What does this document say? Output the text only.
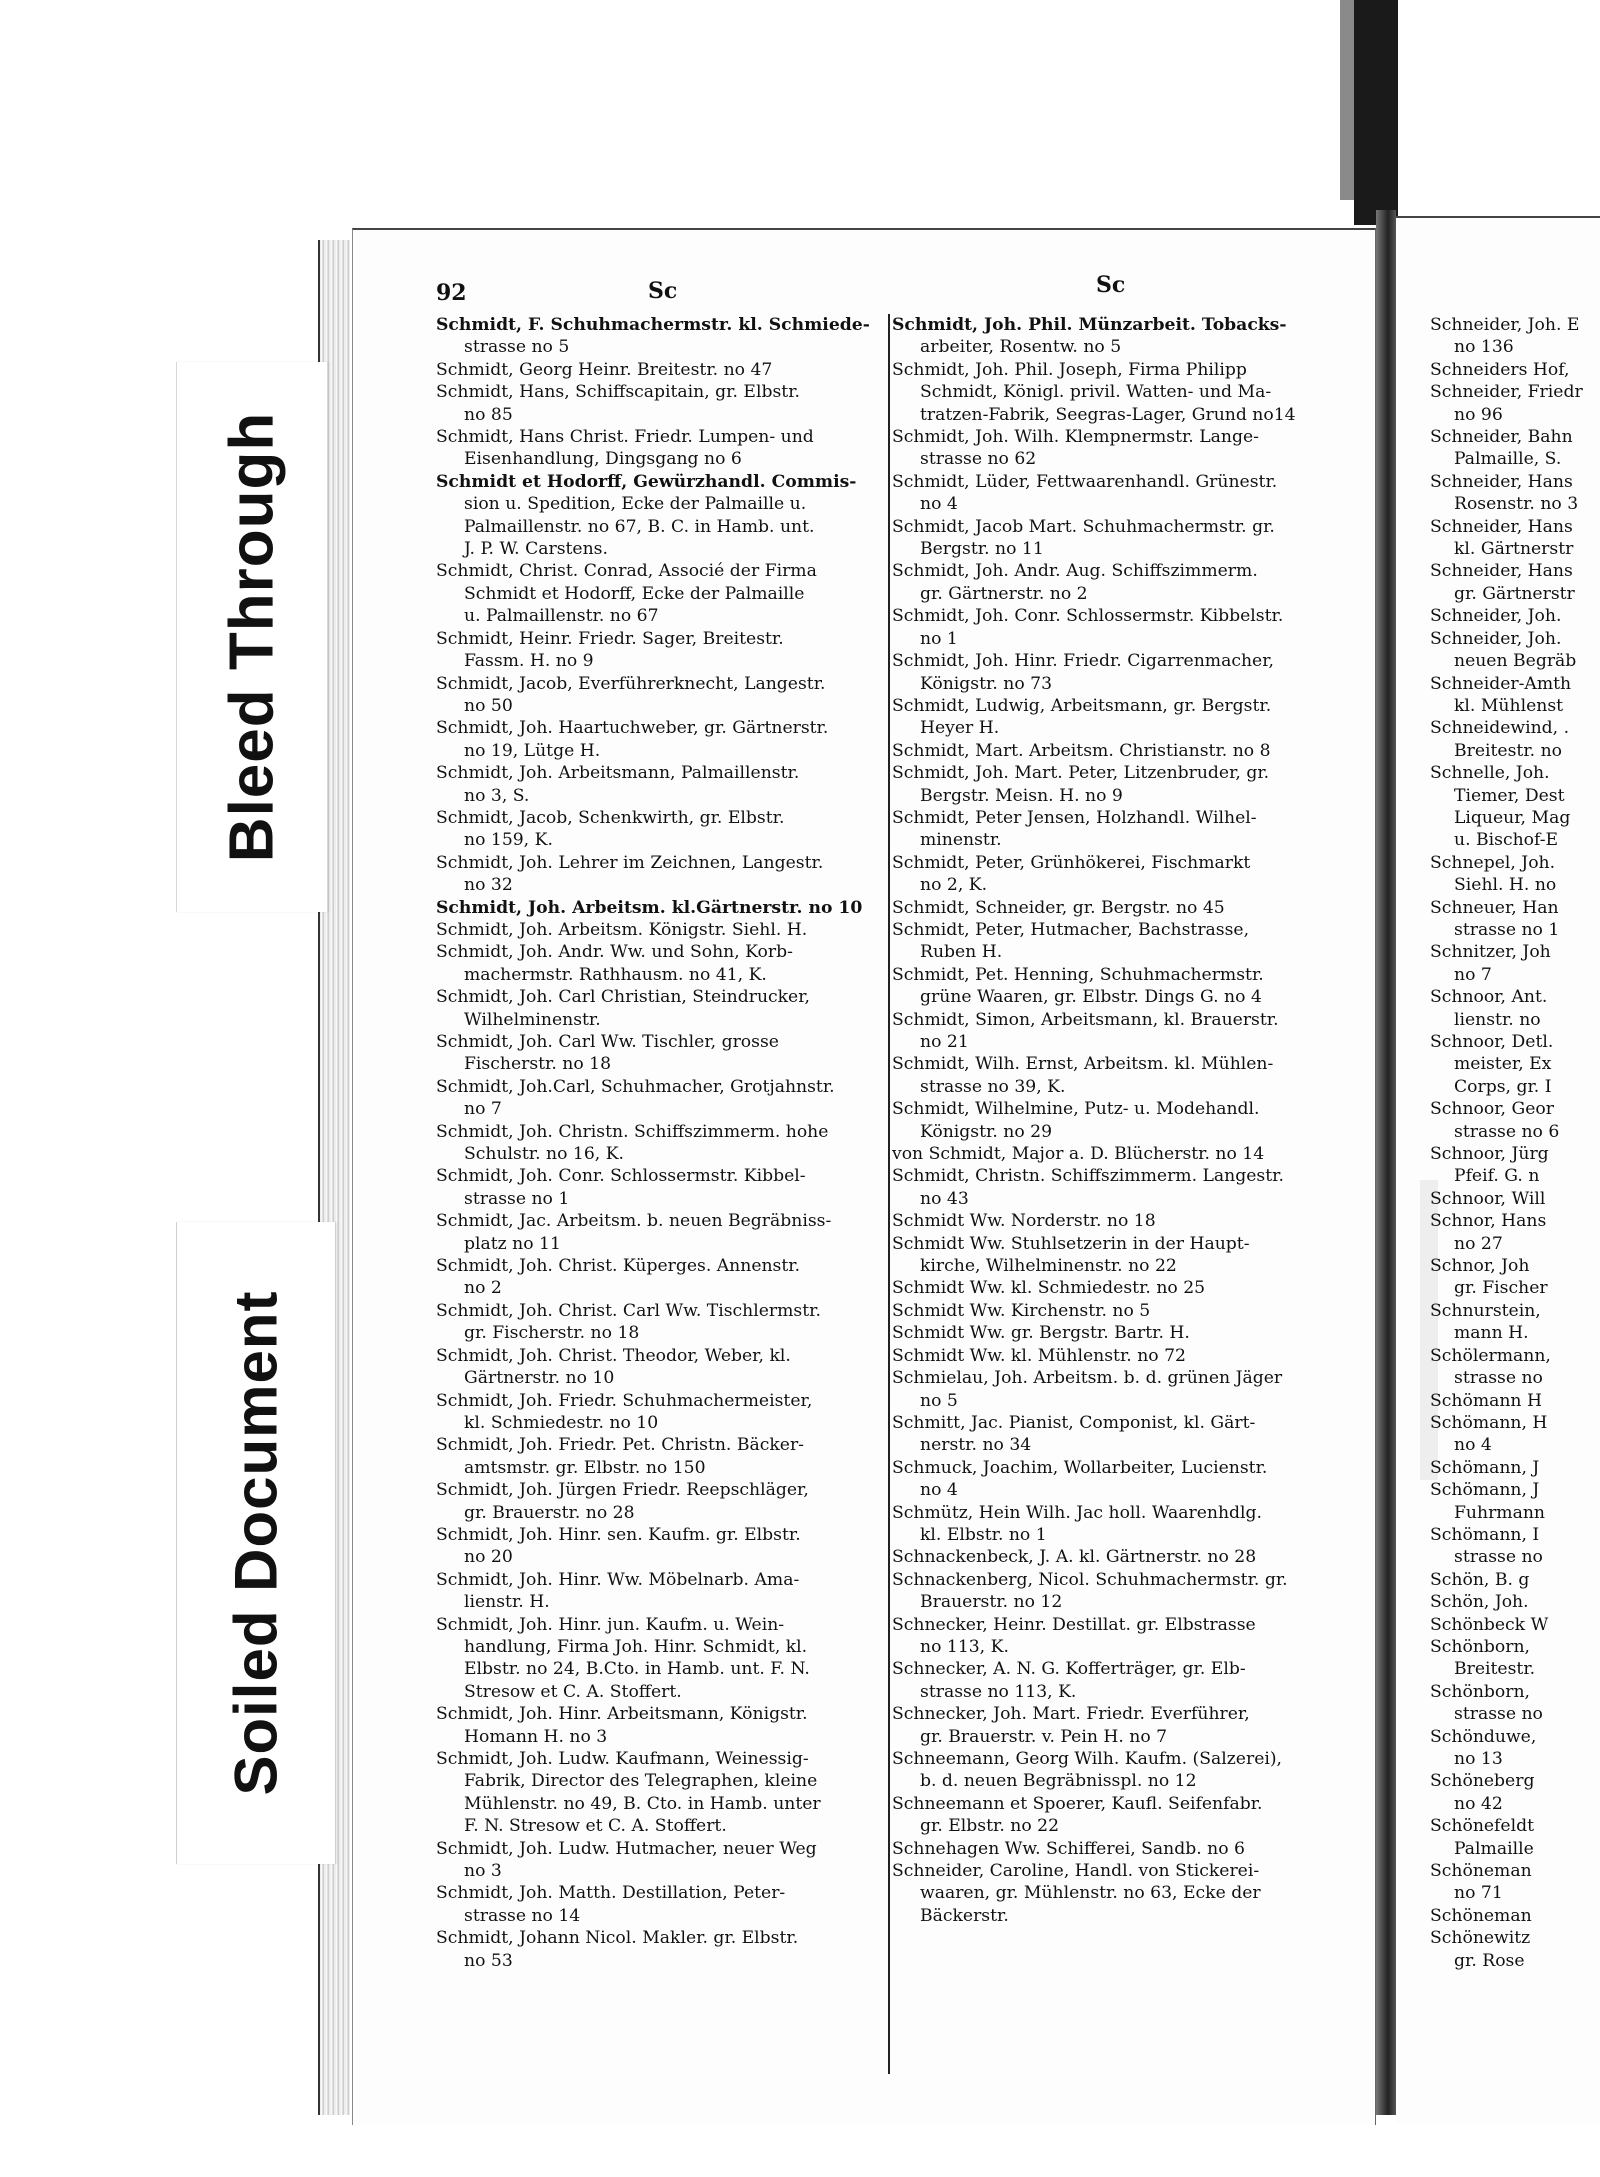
92	Sc	Sc
Schmidt, F. Schuhmachermstr. kl. Schmiede-
strasse no 5
Schmidt, Georg Heinr. Breitestr. no 47
Schmidt, Hans, Schiffscapitain, gr. Elbstr.
no 85
Schmidt, Hans Christ. Friedr. Lumpen- und
Eisenhandlung, Dingsgang no 6
Schmidt et Hodorff, Gewürzhandl. Commis-
sion u. Spedition, Ecke der Palmaille u.
Palmaillenstr. no 67, B. C. in Hamb. unt.
J. P. W. Carstens.
Schmidt, Christ. Conrad, Associé der Firma
Schmidt et Hodorff, Ecke der Palmaille
u. Palmaillenstr. no 67
Schmidt, Heinr. Friedr. Sager, Breitestr.
Fassm. H. no 9
Schmidt, Jacob, Everführerknecht, Langestr.
no 50
Schmidt, Joh. Haartuchweber, gr. Gärtnerstr.
no 19, Lütge H.
Schmidt, Joh. Arbeitsmann, Palmaillenstr.
no 3, S.
Schmidt, Jacob, Schenkwirth, gr. Elbstr.
no 159, K.
Schmidt, Joh. Lehrer im Zeichnen, Langestr.
no 32
Schmidt, Joh. Arbeitsm. kl.Gärtnerstr. no 10
Schmidt, Joh. Arbeitsm. Königstr. Siehl. H.
Schmidt, Joh. Andr. Ww. und Sohn, Korb-
machermstr. Rathhausm. no 41, K.
Schmidt, Joh. Carl Christian, Steindrucker,
Wilhelminenstr.
Schmidt, Joh. Carl Ww. Tischler, grosse
Fischerstr. no 18
Schmidt, Joh.Carl, Schuhmacher, Grotjahnstr.
no 7
Schmidt, Joh. Christn. Schiffszimmerm. hohe
Schulstr. no 16, K.
Schmidt, Joh. Conr. Schlossermstr. Kibbel-
strasse no 1
Schmidt, Jac. Arbeitsm. b. neuen Begräbniss-
platz no 11
Schmidt, Joh. Christ. Küperges. Annenstr.
no 2
Schmidt, Joh. Christ. Carl Ww. Tischlermstr.
gr. Fischerstr. no 18
Schmidt, Joh. Christ. Theodor, Weber, kl.
Gärtnerstr. no 10
Schmidt, Joh. Friedr. Schuhmachermeister,
kl. Schmiedestr. no 10
Schmidt, Joh. Friedr. Pet. Christn. Bäcker-
amtsmstr. gr. Elbstr. no 150
Schmidt, Joh. Jürgen Friedr. Reepschläger,
gr. Brauerstr. no 28
Schmidt, Joh. Hinr. sen. Kaufm. gr. Elbstr.
no 20
Schmidt, Joh. Hinr. Ww. Möbelnarb. Ama-
lienstr. H.
Schmidt, Joh. Hinr. jun. Kaufm. u. Wein-
handlung, Firma Joh. Hinr. Schmidt, kl.
Elbstr. no 24, B.Cto. in Hamb. unt. F. N.
Stresow et C. A. Stoffert.
Schmidt, Joh. Hinr. Arbeitsmann, Königstr.
Homann H. no 3
Schmidt, Joh. Ludw. Kaufmann, Weinessig-
Fabrik, Director des Telegraphen, kleine
Mühlenstr. no 49, B. Cto. in Hamb. unter
F. N. Stresow et C. A. Stoffert.
Schmidt, Joh. Ludw. Hutmacher, neuer Weg
no 3
Schmidt, Joh. Matth. Destillation, Peter-
strasse no 14
Schmidt, Johann Nicol. Makler. gr. Elbstr.
no 53
Schmidt, Joh. Phil. Münzarbeit. Tobacks-
arbeiter, Rosentw. no 5
Schmidt, Joh. Phil. Joseph, Firma Philipp
Schmidt, Königl. privil. Watten- und Ma-
tratzen-Fabrik, Seegras-Lager, Grund no14
Schmidt, Joh. Wilh. Klempnermstr. Lange-
strasse no 62
Schmidt, Lüder, Fettwaarenhandl. Grünestr.
no 4
Schmidt, Jacob Mart. Schuhmachermstr. gr.
Bergstr. no 11
Schmidt, Joh. Andr. Aug. Schiffszimmerm.
gr. Gärtnerstr. no 2
Schmidt, Joh. Conr. Schlossermstr. Kibbelstr.
no 1
Schmidt, Joh. Hinr. Friedr. Cigarrenmacher,
Königstr. no 73
Schmidt, Ludwig, Arbeitsmann, gr. Bergstr.
Heyer H.
Schmidt, Mart. Arbeitsm. Christianstr. no 8
Schmidt, Joh. Mart. Peter, Litzenbruder, gr.
Bergstr. Meisn. H. no 9
Schmidt, Peter Jensen, Holzhandl. Wilhel-
minenstr.
Schmidt, Peter, Grünhökerei, Fischmarkt
no 2, K.
Schmidt, Schneider, gr. Bergstr. no 45
Schmidt, Peter, Hutmacher, Bachstrasse,
Ruben H.
Schmidt, Pet. Henning, Schuhmachermstr.
grüne Waaren, gr. Elbstr. Dings G. no 4
Schmidt, Simon, Arbeitsmann, kl. Brauerstr.
no 21
Schmidt, Wilh. Ernst, Arbeitsm. kl. Mühlen-
strasse no 39, K.
Schmidt, Wilhelmine, Putz- u. Modehandl.
Königstr. no 29
von Schmidt, Major a. D. Blücherstr. no 14
Schmidt, Christn. Schiffszimmerm. Langestr.
no 43
Schmidt Ww. Norderstr. no 18
Schmidt Ww. Stuhlsetzerin in der Haupt-
kirche, Wilhelminenstr. no 22
Schmidt Ww. kl. Schmiedestr. no 25
Schmidt Ww. Kirchenstr. no 5
Schmidt Ww. gr. Bergstr. Bartr. H.
Schmidt Ww. kl. Mühlenstr. no 72
Schmielau, Joh. Arbeitsm. b. d. grünen Jäger
no 5
Schmitt, Jac. Pianist, Componist, kl. Gärt-
nerstr. no 34
Schmuck, Joachim, Wollarbeiter, Lucienstr.
no 4
Schmütz, Hein Wilh. Jac holl. Waarenhdlg.
kl. Elbstr. no 1
Schnackenbeck, J. A. kl. Gärtnerstr. no 28
Schnackenberg, Nicol. Schuhmachermstr. gr.
Brauerstr. no 12
Schnecker, Heinr. Destillat. gr. Elbstrasse
no 113, K.
Schnecker, A. N. G. Kofferträger, gr. Elb-
strasse no 113, K.
Schnecker, Joh. Mart. Friedr. Everführer,
gr. Brauerstr. v. Pein H. no 7
Schneemann, Georg Wilh. Kaufm. (Salzerei),
b. d. neuen Begräbnisspl. no 12
Schneemann et Spoerer, Kaufl. Seifenfabr.
gr. Elbstr. no 22
Schnehagen Ww. Schifferei, Sandb. no 6
Schneider, Caroline, Handl. von Stickerei-
waaren, gr. Mühlenstr. no 63, Ecke der
Bäckerstr.
Schneider, Joh. E
no 136
Schneiders Hof,
Schneider, Friedr
no 96
Schneider, Bahn
Palmaille, S.
Schneider, Hans
Rosenstr. no 3
Schneider, Hans
kl. Gärtnerstr
Schneider, Hans
gr. Gärtnerstr
Schneider, Joh.
Schneider, Joh.
neuen Begräb
Schneider-Amth
kl. Mühlenst
Schneidewind, .
Breitestr. no
Schnelle, Joh.
Tiemer, Dest
Liqueur, Mag
u. Bischof-E
Schnepel, Joh.
Siehl. H. no
Schneuer, Han
strasse no 1
Schnitzer, Joh
no 7
Schnoor, Ant.
lienstr. no
Schnoor, Detl.
meister, Ex
Corps, gr. I
Schnoor, Geor
strasse no 6
Schnoor, Jürg
Pfeif. G. n
Schnoor, Will
Schnor, Hans
no 27
Schnor, Joh
gr. Fischer
Schnurstein,
mann H.
Schölermann,
strasse no
Schömann H
Schömann, H
no 4
Schömann, J
Schömann, J
Fuhrmann
Schömann, I
strasse no
Schön, B. g
Schön, Joh.
Schönbeck W
Schönborn,
Breitestr.
Schönborn,
strasse no
Schönduwe,
no 13
Schöneberg
no 42
Schönefeldt
Palmaille
Schöneman
no 71
Schöneman
Schönewitz
gr. Rose
Bleed Through
Soiled Document
